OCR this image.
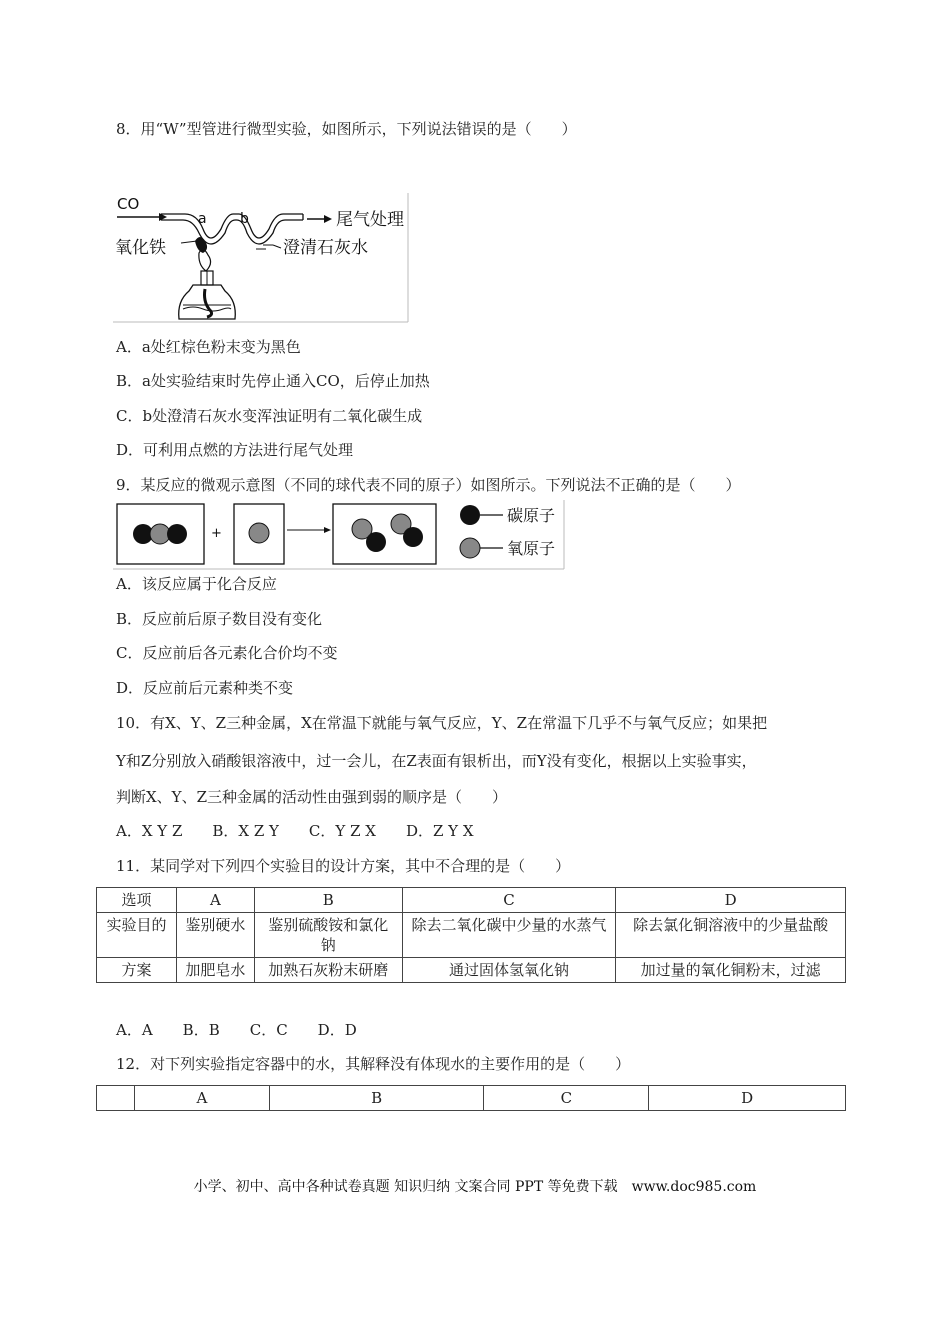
8．用“W”型管进行微型实验，如图所示，下列说法错误的是（　　）
CO
a b	尾气处理
氧化铁	澄清石灰水
A．a处红棕色粉末变为黑色
B．a处实验结束时先停止通入CO，后停止加热
C．b处澄清石灰水变浑浊证明有二氧化碳生成
D．可利用点燃的方法进行尾气处理
9．某反应的微观示意图（不同的球代表不同的原子）如图所示。下列说法不正确的是（　　）
+
碳原子
氧原子
A．该反应属于化合反应
B．反应前后原子数目没有变化
C．反应前后各元素化合价均不变
D．反应前后元素种类不变
10．有X、Y、Z三种金属，X在常温下就能与氧气反应，Y、Z在常温下几乎不与氧气反应；如果把
Y和Z分别放入硝酸银溶液中，过一会儿，在Z表面有银析出，而Y没有变化，根据以上实验事实，
判断X、Y、Z三种金属的活动性由强到弱的顺序是（　　）
A．X Y Z　　B．X Z Y　　C．Y Z X　　D．Z Y X
11．某同学对下列四个实验目的设计方案，其中不合理的是（　　）
选项	A	B	C	D
实验目的	鉴别硬水	鉴别硫酸铵和氯化钠	除去二氧化碳中少量的水蒸气	除去氯化铜溶液中的少量盐酸
方案	加肥皂水	加熟石灰粉末研磨	通过固体氢氧化钠	加过量的氧化铜粉末，过滤
A．A　　B．B　　C．C　　D．D
12．对下列实验指定容器中的水，其解释没有体现水的主要作用的是（　　）
	A	B	C	D
小学、初中、高中各种试卷真题 知识归纳 文案合同 PPT 等免费下载　www.doc985.com
